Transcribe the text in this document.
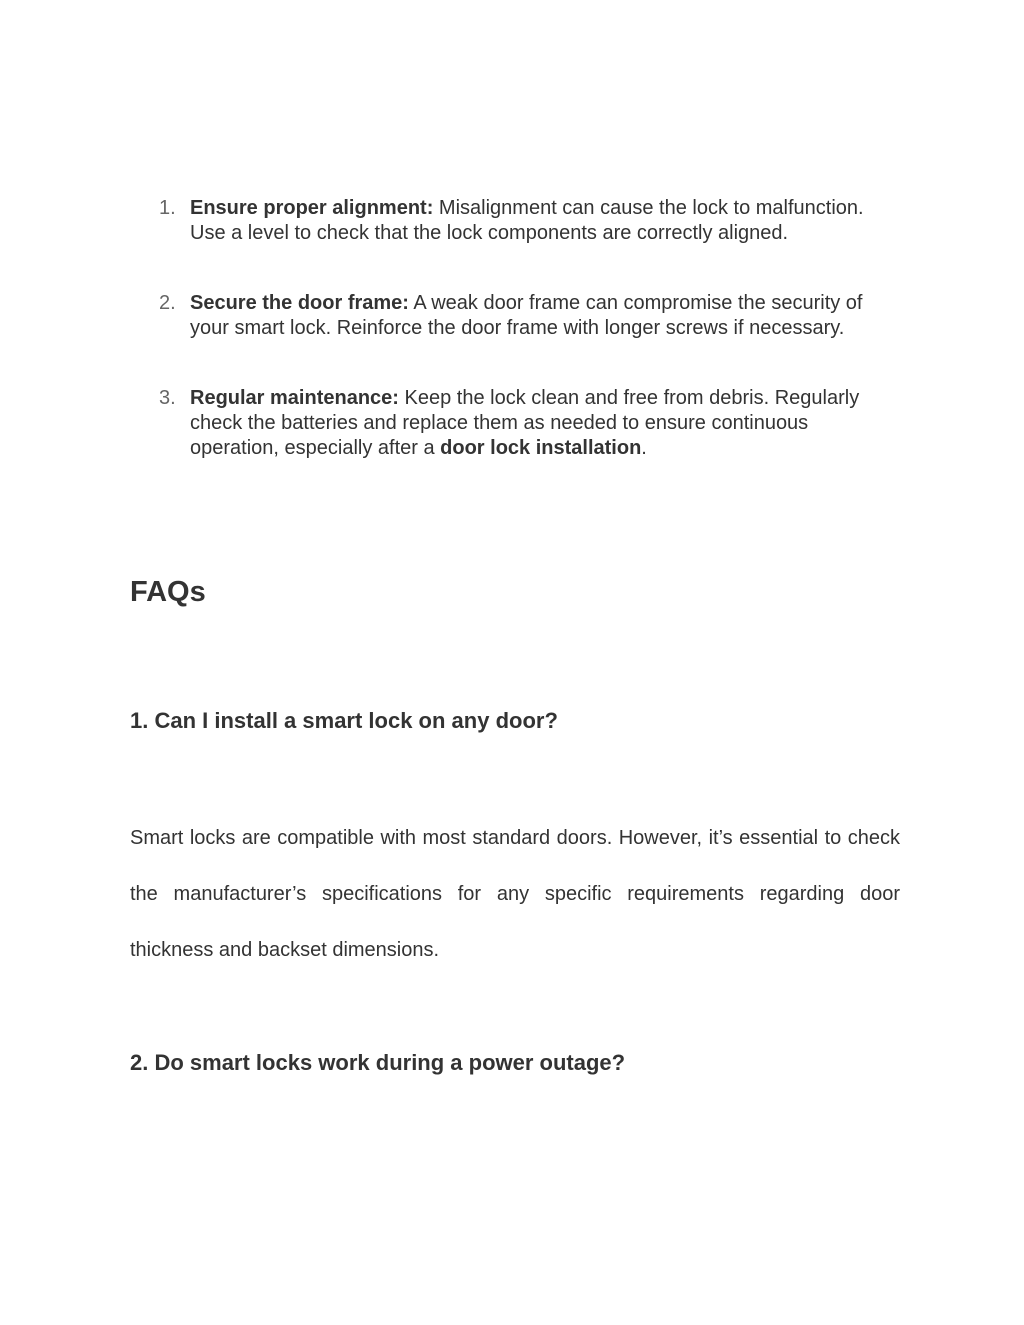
1. Ensure proper alignment: Misalignment can cause the lock to malfunction. Use a level to check that the lock components are correctly aligned.
2. Secure the door frame: A weak door frame can compromise the security of your smart lock. Reinforce the door frame with longer screws if necessary.
3. Regular maintenance: Keep the lock clean and free from debris. Regularly check the batteries and replace them as needed to ensure continuous operation, especially after a door lock installation.
FAQs
1. Can I install a smart lock on any door?

Smart locks are compatible with most standard doors. However, it’s essential to check the manufacturer’s specifications for any specific requirements regarding door thickness and backset dimensions.

2. Do smart locks work during a power outage?
